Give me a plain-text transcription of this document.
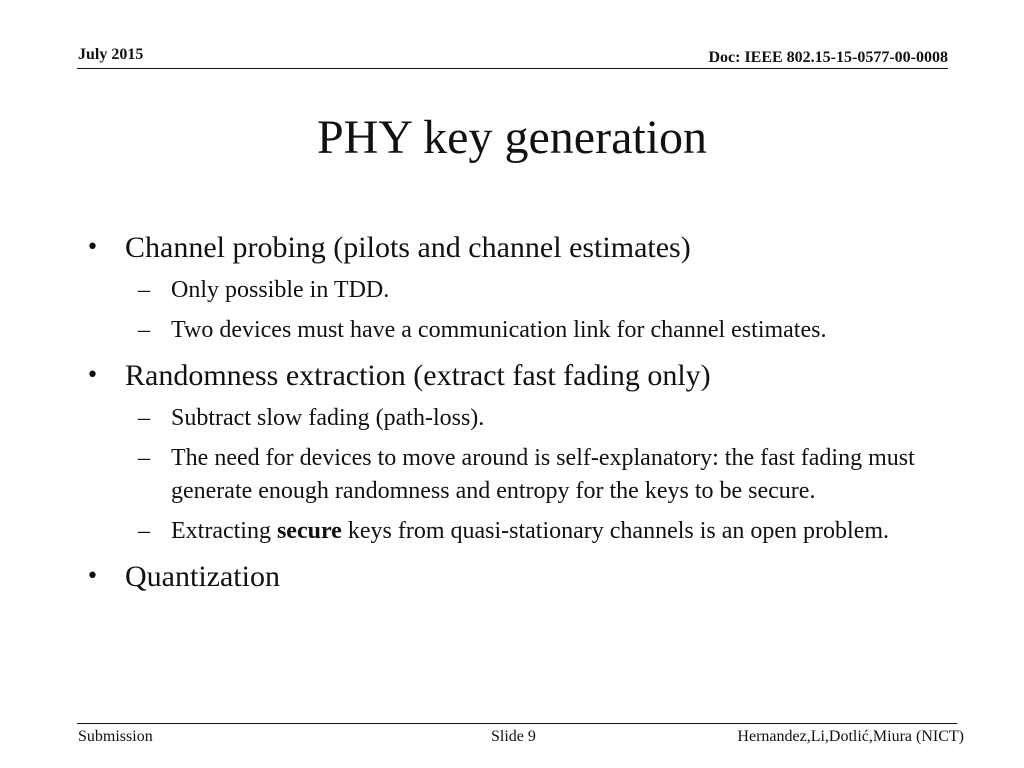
July 2015	Doc: IEEE 802.15-15-0577-00-0008
PHY key generation
• Channel probing (pilots and channel estimates)
– Only possible in TDD.
– Two devices must have a communication link for channel estimates.
• Randomness extraction (extract fast fading only)
– Subtract slow fading (path-loss).
– The need for devices to move around is self-explanatory: the fast fading must generate enough randomness and entropy for the keys to be secure.
– Extracting secure keys from quasi-stationary channels is an open problem.
• Quantization
Submission	Slide 9	Hernandez,Li,Dotlić,Miura (NICT)
